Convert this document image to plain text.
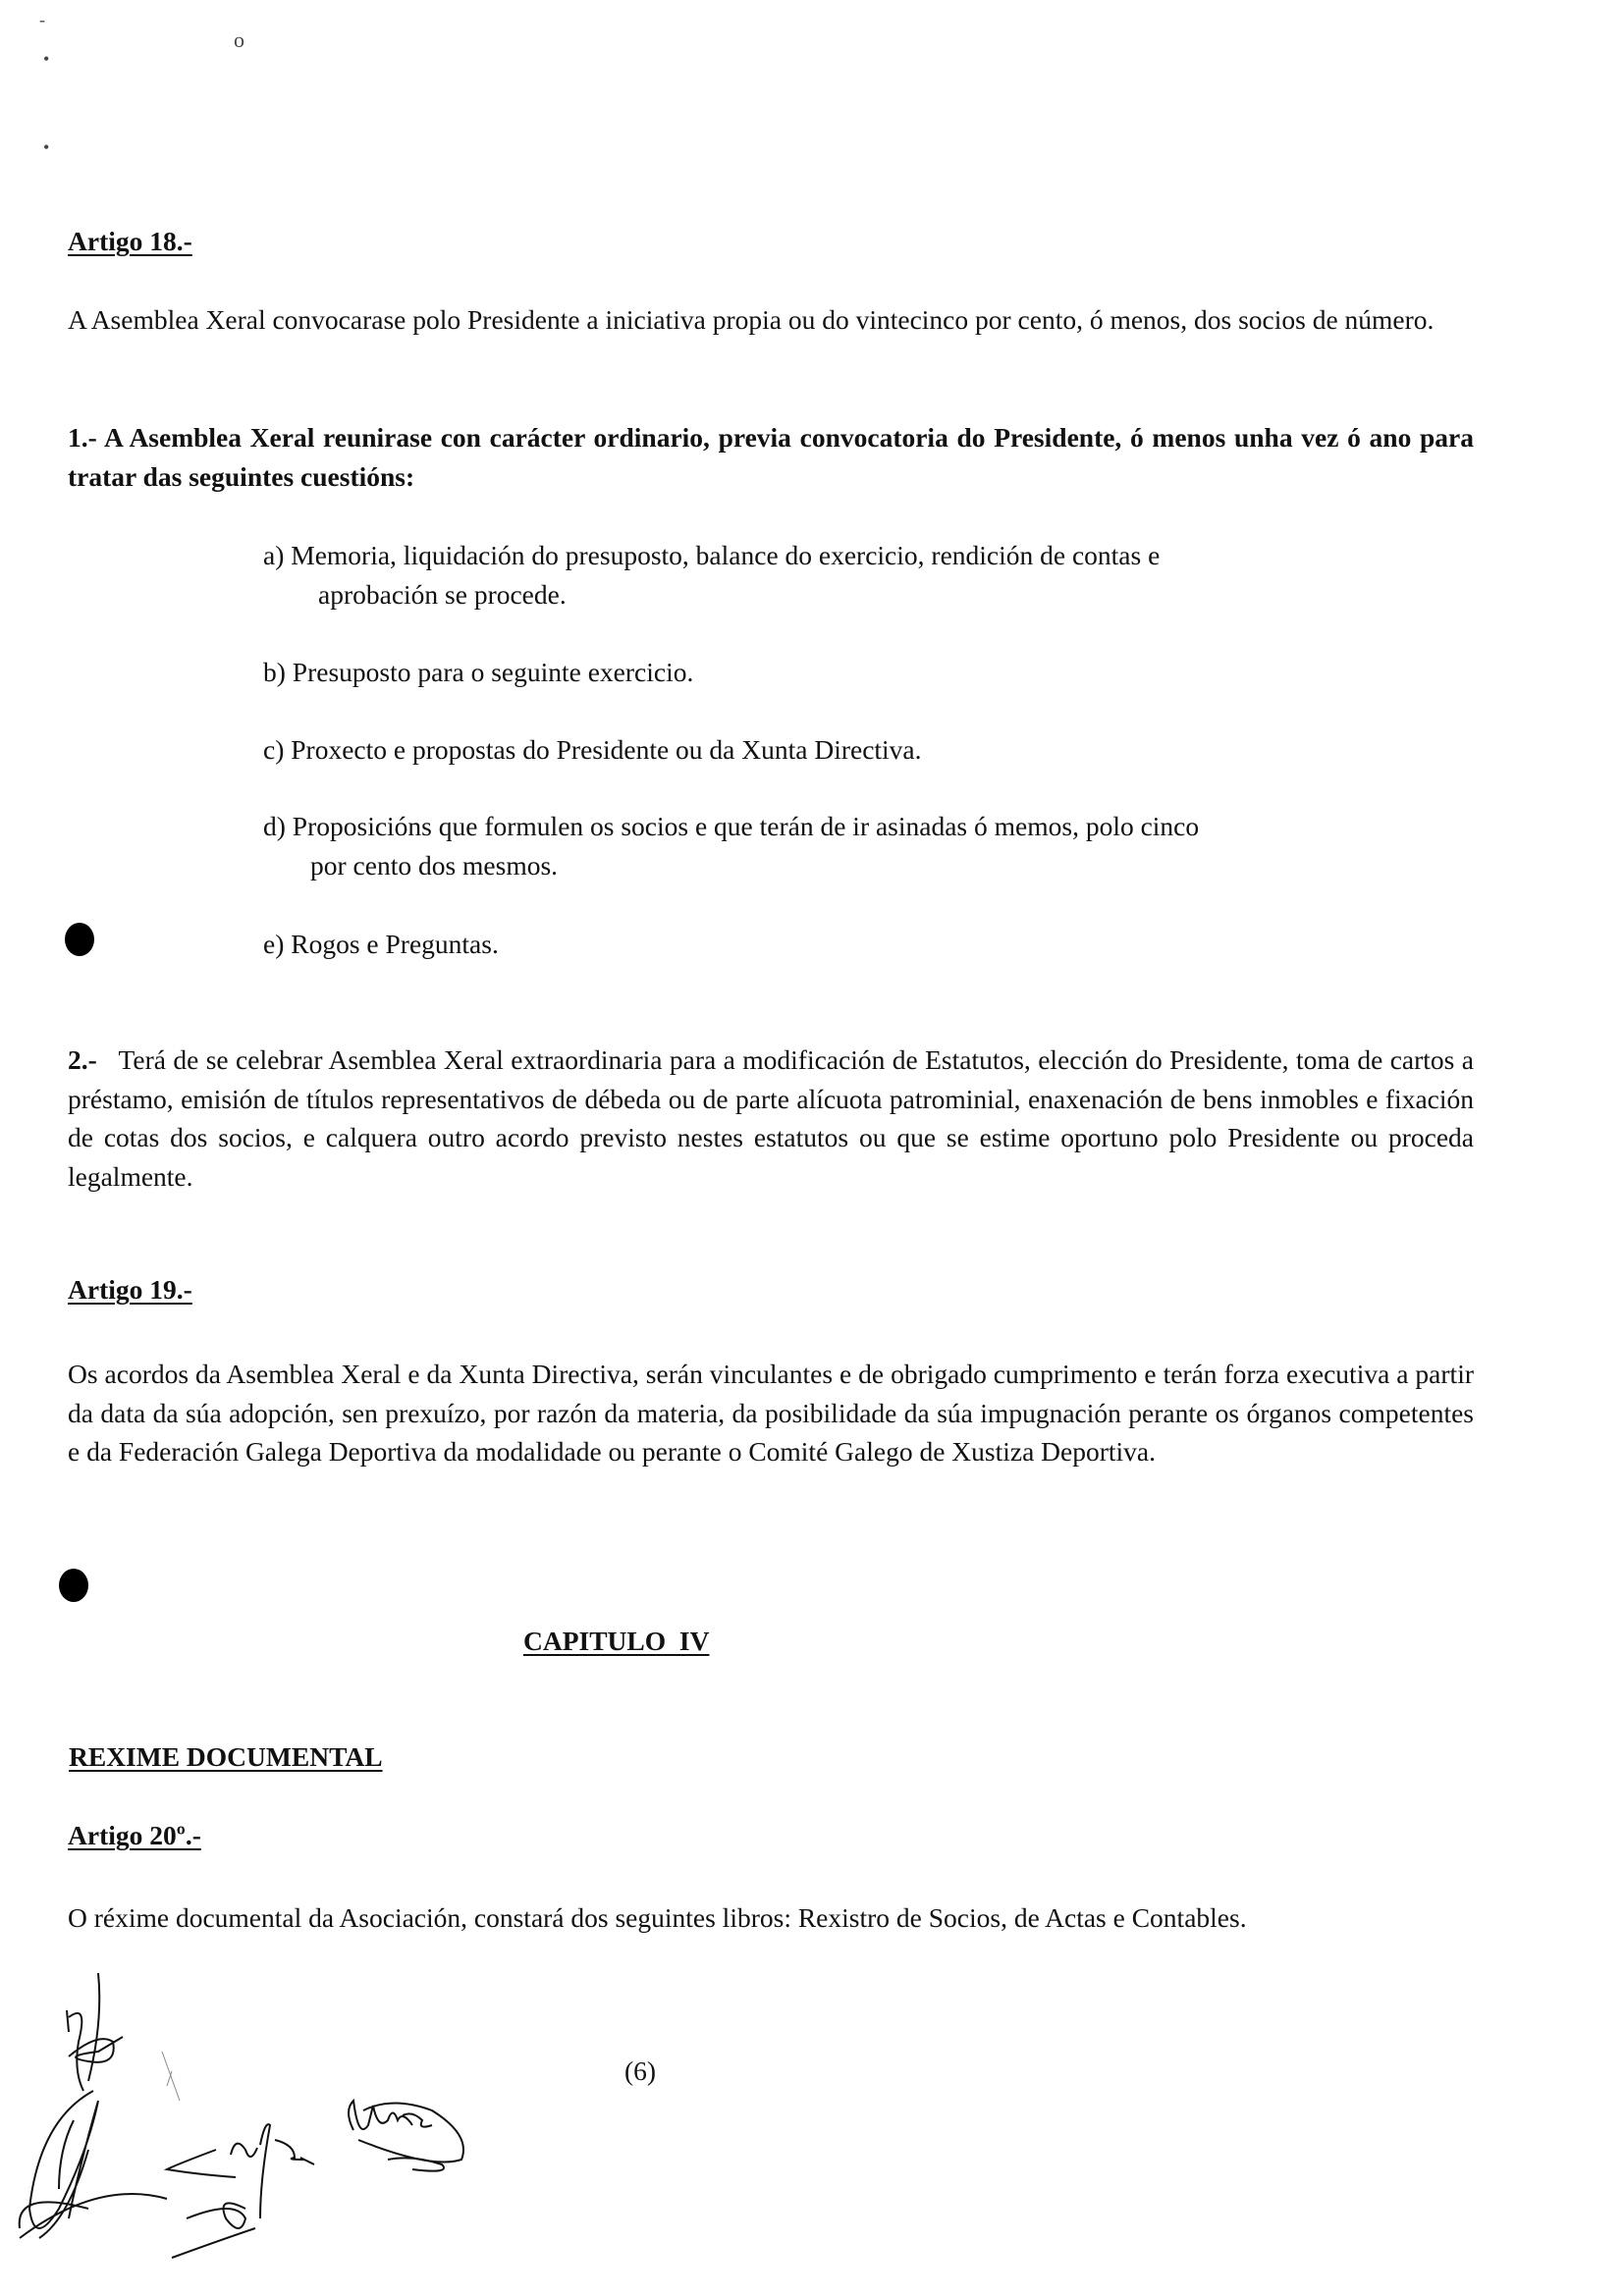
-
o
•
•
Artigo 18.-
A Asemblea Xeral convocarase polo Presidente a iniciativa propia ou do vintecinco por cento, ó menos, dos socios de número.
1.- A Asemblea Xeral reunirase con carácter ordinario, previa convocatoria do Presidente, ó menos unha vez ó ano para tratar das seguintes cuestións:
a) Memoria, liquidación do presuposto, balance do exercicio, rendición de contas e
aprobación se procede.
b) Presuposto para o seguinte exercicio.
c) Proxecto e propostas do Presidente ou da Xunta Directiva.
d) Proposicións que formulen os socios e que terán de ir asinadas ó memos, polo cinco
por cento dos mesmos.
e) Rogos e Preguntas.
2.- Terá de se celebrar Asemblea Xeral extraordinaria para a modificación de Estatutos, elección do Presidente, toma de cartos a préstamo, emisión de títulos representativos de débeda ou de parte alícuota patrominial, enaxenación de bens inmobles e fixación de cotas dos socios, e calquera outro acordo previsto nestes estatutos ou que se estime oportuno polo Presidente ou proceda legalmente.
Artigo 19.-
Os acordos da Asemblea Xeral e da Xunta Directiva, serán vinculantes e de obrigado cumprimento e terán forza executiva a partir da data da súa adopción, sen prexuízo, por razón da materia, da posibilidade da súa impugnación perante os órganos competentes e da Federación Galega Deportiva da modalidade ou perante o Comité Galego de Xustiza Deportiva.
CAPITULO  IV
REXIME DOCUMENTAL
Artigo 20º.-
O réxime documental da Asociación, constará dos seguintes libros: Rexistro de Socios, de Actas e Contables.
(6)
